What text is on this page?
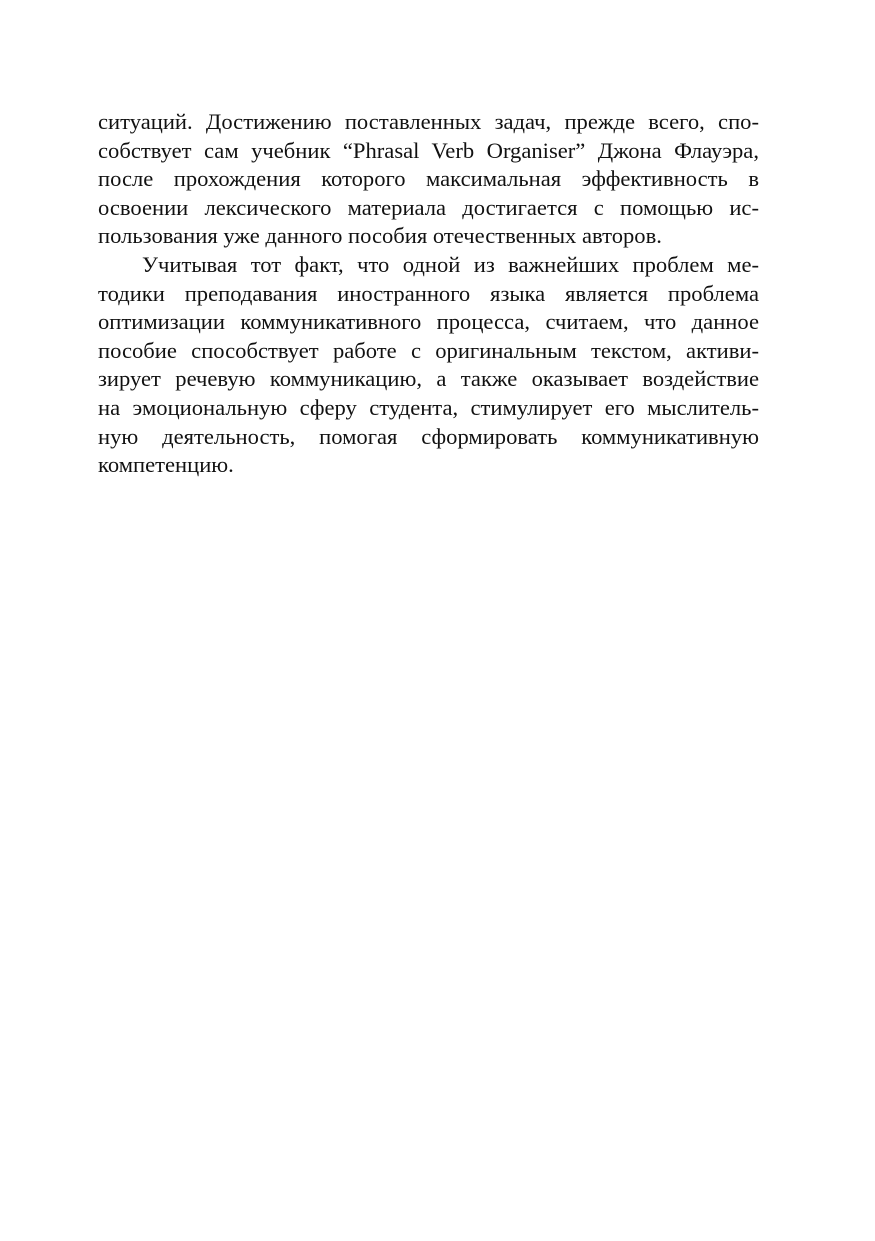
ситуаций. Достижению поставленных задач, прежде всего, спо-
собствует сам учебник “Phrasal Verb Organiser” Джона Флауэра,
после прохождения которого максимальная эффективность в
освоении лексического материала достигается с помощью ис-
пользования уже данного пособия отечественных авторов.
Учитывая тот факт, что одной из важнейших проблем ме-
тодики преподавания иностранного языка является проблема
оптимизации коммуникативного процесса, считаем, что данное
пособие способствует работе с оригинальным текстом, активи-
зирует речевую коммуникацию, а также оказывает воздействие
на эмоциональную сферу студента, стимулирует его мыслитель-
ную деятельность, помогая сформировать коммуникативную
компетенцию.
